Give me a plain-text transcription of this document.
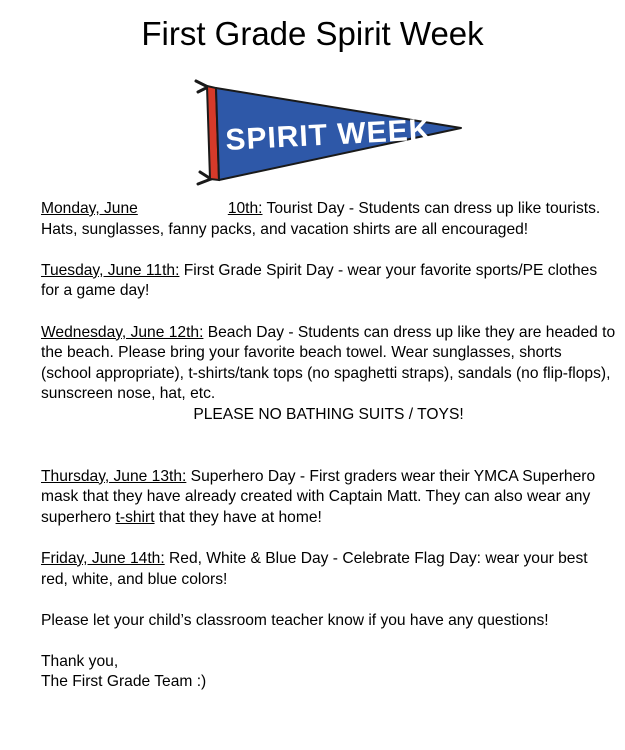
First Grade Spirit Week
SPIRIT WEEK

Monday, June	10th: Tourist Day - Students can dress up like tourists. Hats, sunglasses, fanny packs, and vacation shirts are all encouraged!

Tuesday, June 11th: First Grade Spirit Day - wear your favorite sports/PE clothes for a game day!

Wednesday, June 12th: Beach Day - Students can dress up like they are headed to the beach. Please bring your favorite beach towel. Wear sunglasses, shorts (school appropriate), t-shirts/tank tops (no spaghetti straps), sandals (no flip-flops), sunscreen nose, hat, etc.

PLEASE NO BATHING SUITS / TOYS!

Thursday, June 13th: Superhero Day - First graders wear their YMCA Superhero mask that they have already created with Captain Matt. They can also wear any superhero t-shirt that they have at home!

Friday, June 14th: Red, White & Blue Day - Celebrate Flag Day: wear your best red, white, and blue colors!

Please let your child’s classroom teacher know if you have any questions!

Thank you,

The First Grade Team :)
